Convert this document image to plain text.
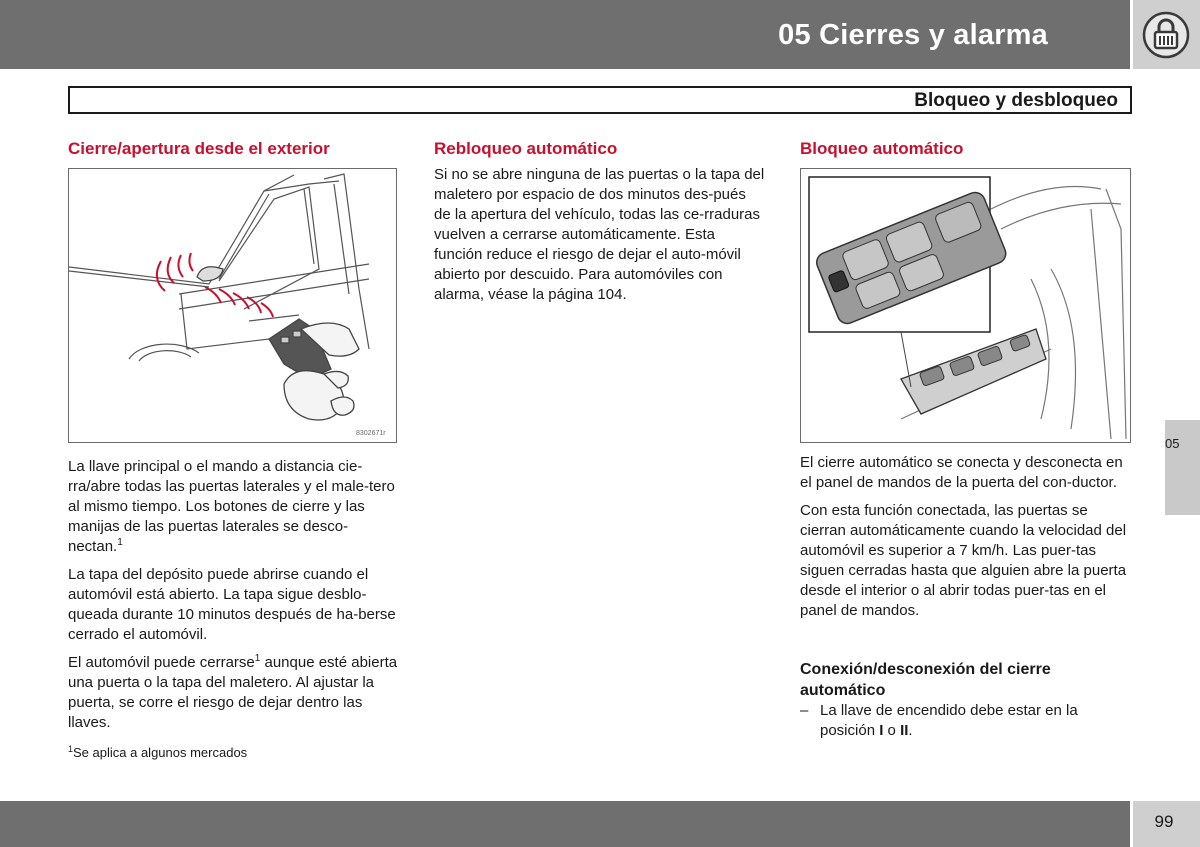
05 Cierres y alarma
Bloqueo y desbloqueo
Cierre/apertura desde el exterior
8302671r

La llave principal o el mando a distancia cie-rra/abre todas las puertas laterales y el male-tero al mismo tiempo. Los botones de cierre y las manijas de las puertas laterales se desco-nectan.$^1$

La tapa del depósito puede abrirse cuando el automóvil está abierto. La tapa sigue desblo-queada durante 10 minutos después de ha-berse cerrado el automóvil.

El automóvil puede cerrarse$^1$ aunque esté abierta una puerta o la tapa del maletero. Al ajustar la puerta, se corre el riesgo de dejar dentro las llaves.

$^1$Se aplica a algunos mercados
Rebloqueo automático

Si no se abre ninguna de las puertas o la tapa del maletero por espacio de dos minutos des-pués de la apertura del vehículo, todas las ce-rraduras vuelven a cerrarse automáticamente. Esta función reduce el riesgo de dejar el auto-móvil abierto por descuido. Para automóviles con alarma, véase la página 104.

Bloqueo automático

El cierre automático se conecta y desconecta en el panel de mandos de la puerta del con-ductor.

Con esta función conectada, las puertas se cierran automáticamente cuando la velocidad del automóvil es superior a 7 km/h. Las puer-tas siguen cerradas hasta que alguien abre la puerta desde el interior o al abrir todas puer-tas en el panel de mandos.

Conexión/desconexión del cierre
automático
– La llave de encendido debe estar en la posición I o II.
05
99
